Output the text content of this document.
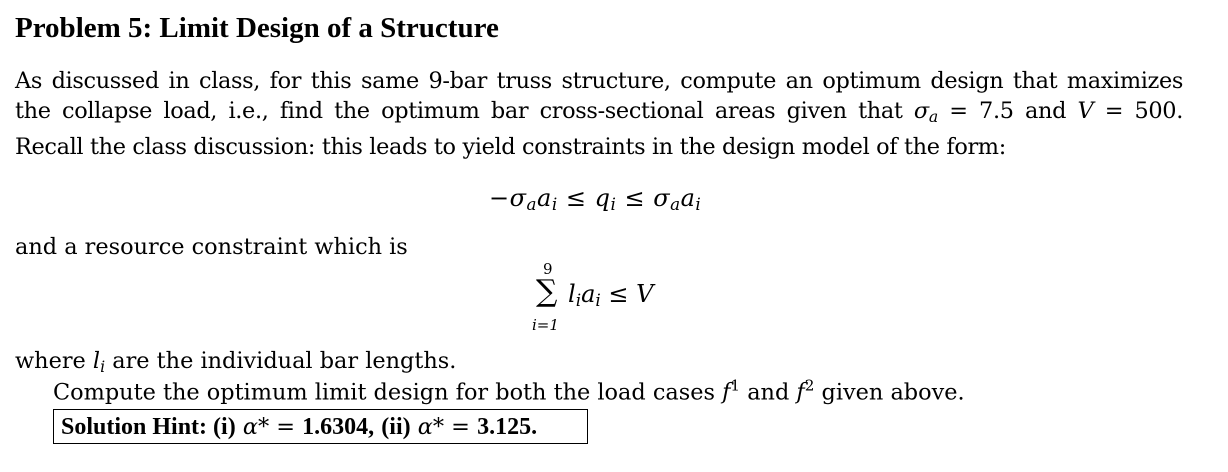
Problem 5: Limit Design of a Structure
As discussed in class, for this same 9-bar truss structure, compute an optimum design that maximizes
the collapse load, i.e., find the optimum bar cross-sectional areas given that $\sigma_a = 7.5$ and V = 500.
Recall the class discussion: this leads to yield constraints in the design model of the form:
$-\sigma_aa_i \le q_i \le \sigma_aa_i$
and a resource constraint which is
9
∑
i=1
$l_ia_i \le V$
where $l_i$ are the individual bar lengths.
Compute the optimum limit design for both the load cases $f^1$ and $f^2$ given above.
Solution Hint: (i) α* = 1.6304, (ii) α* = 3.125.
